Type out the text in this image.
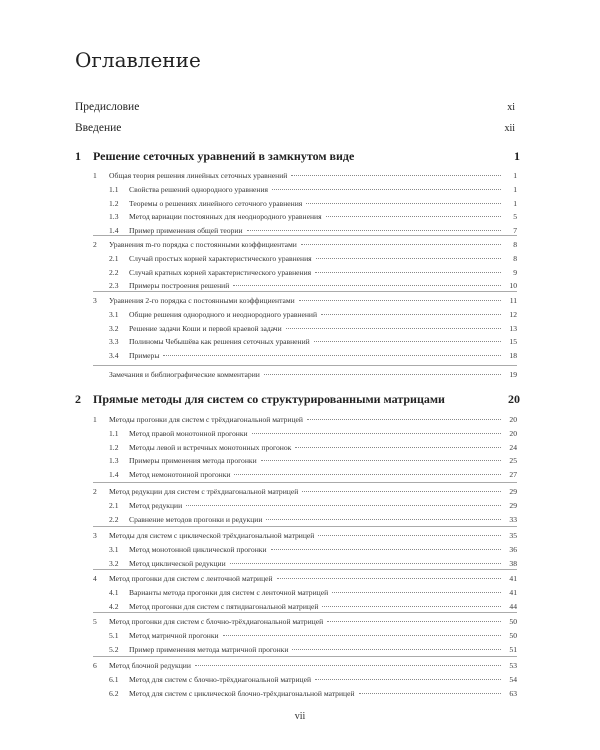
Оглавление
Предисловие	xi
Введение	xii
1	Решение сеточных уравнений в замкнутом виде	1
1	Общая теория решения линейных сеточных уравнений	1
1.1	Свойства решений однородного уравнения	1
1.2	Теоремы о решениях линейного сеточного уравнения	1
1.3	Метод вариации постоянных для неоднородного уравнения	5
1.4	Пример применения общей теории	7
2	Уравнения m-го порядка с постоянными коэффициентами	8
2.1	Случай простых корней характеристического уравнения	8
2.2	Случай кратных корней характеристического уравнения	9
2.3	Примеры построения решений	10
3	Уравнения 2-го порядка с постоянными коэффициентами	11
3.1	Общие решения однородного и неоднородного уравнений	12
3.2	Решение задачи Коши и первой краевой задачи	13
3.3	Полиномы Чебышёва как решения сеточных уравнений	15
3.4	Примеры	18
Замечания и библиографические комментарии	19
2	Прямые методы для систем со структурированными матрицами	20
1	Методы прогонки для систем с трёхдиагональной матрицей	20
1.1	Метод правой монотонной прогонки	20
1.2	Методы левой и встречных монотонных прогонок	24
1.3	Примеры применения метода прогонки	25
1.4	Метод немонотонной прогонки	27
2	Метод редукции для систем с трёхдиагональной матрицей	29
2.1	Метод редукции	29
2.2	Сравнение методов прогонки и редукции	33
3	Методы для систем с циклической трёхдиагональной матрицей	35
3.1	Метод монотонной циклической прогонки	36
3.2	Метод циклической редукции	38
4	Метод прогонки для систем с ленточной матрицей	41
4.1	Варианты метода прогонки для систем с ленточной матрицей	41
4.2	Метод прогонки для систем с пятидиагональной матрицей	44
5	Метод прогонки для систем с блочно-трёхдиагональной матрицей	50
5.1	Метод матричной прогонки	50
5.2	Пример применения метода матричной прогонки	51
6	Метод блочной редукции	53
6.1	Метод для систем с блочно-трёхдиагональной матрицей	54
6.2	Метод для систем с циклической блочно-трёхдиагональной матрицей	63
vii
